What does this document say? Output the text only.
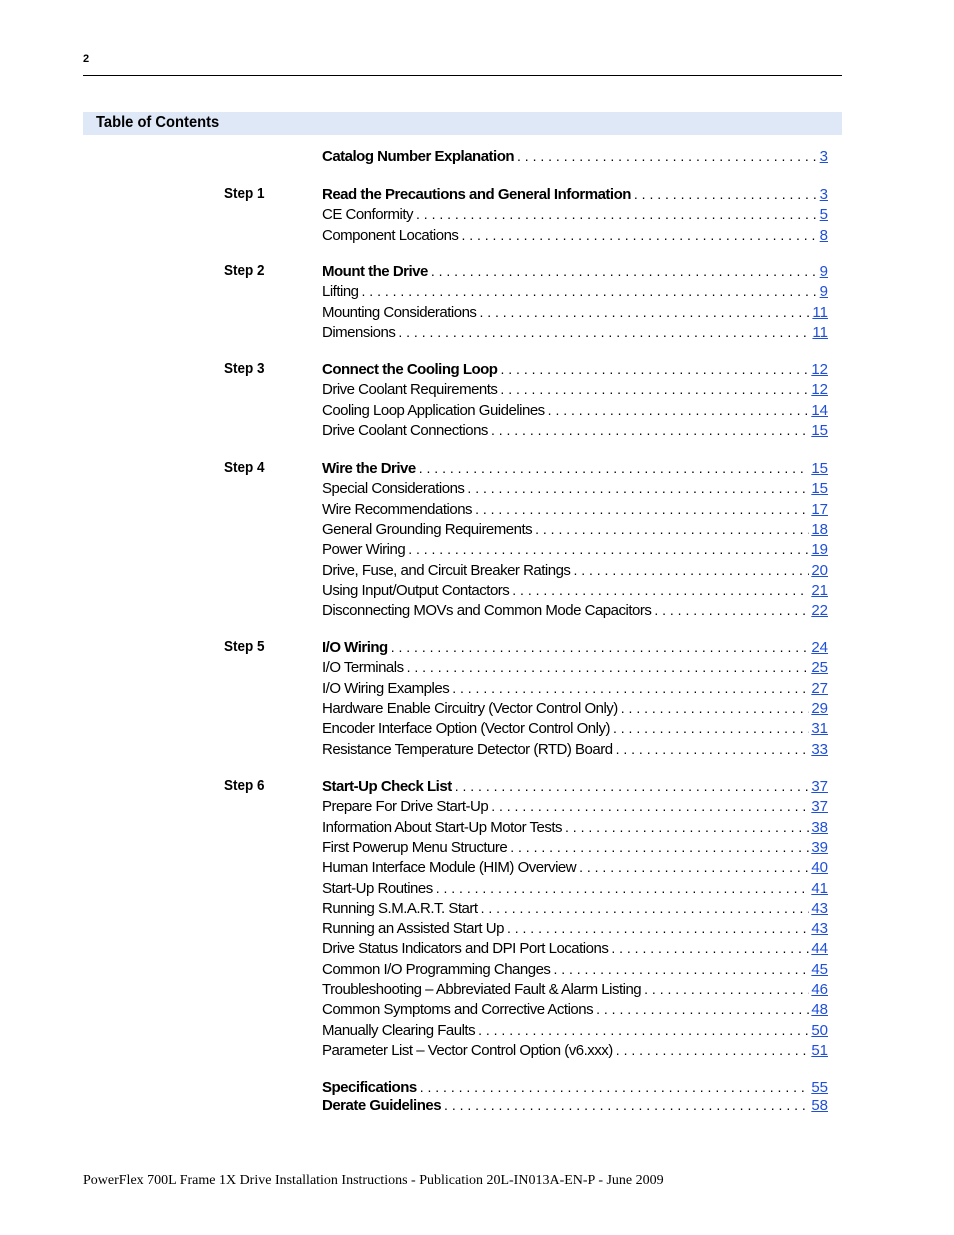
2
Table of Contents
Catalog Number Explanation . . .	3
Step 1	Read the Precautions and General Information . . .	3
CE Conformity . . .	5
Component Locations . . .	8
Step 2	Mount the Drive . . .	9
Lifting . . .	9
Mounting Considerations . . .	11
Dimensions . . .	11
Step 3	Connect the Cooling Loop . . .	12
Drive Coolant Requirements . . .	12
Cooling Loop Application Guidelines . . .	14
Drive Coolant Connections . . .	15
Step 4	Wire the Drive . . .	15
Special Considerations . . .	15
Wire Recommendations . . .	17
General Grounding Requirements . . .	18
Power Wiring . . .	19
Drive, Fuse, and Circuit Breaker Ratings . . .	20
Using Input/Output Contactors . . .	21
Disconnecting MOVs and Common Mode Capacitors . . .	22
Step 5	I/O Wiring . . .	24
I/O Terminals . . .	25
I/O Wiring Examples . . .	27
Hardware Enable Circuitry (Vector Control Only) . . .	29
Encoder Interface Option (Vector Control Only) . . .	31
Resistance Temperature Detector (RTD) Board . . .	33
Step 6	Start-Up Check List . . .	37
Prepare For Drive Start-Up . . .	37
Information About Start-Up Motor Tests . . .	38
First Powerup Menu Structure . . .	39
Human Interface Module (HIM) Overview . . .	40
Start-Up Routines . . .	41
Running S.M.A.R.T. Start . . .	43
Running an Assisted Start Up . . .	43
Drive Status Indicators and DPI Port Locations . . .	44
Common I/O Programming Changes . . .	45
Troubleshooting – Abbreviated Fault & Alarm Listing . . .	46
Common Symptoms and Corrective Actions . . .	48
Manually Clearing Faults . . .	50
Parameter List – Vector Control Option (v6.xxx) . . .	51
Specifications . . .	55
Derate Guidelines . . .	58
PowerFlex 700L Frame 1X Drive Installation Instructions - Publication 20L-IN013A-EN-P - June 2009
